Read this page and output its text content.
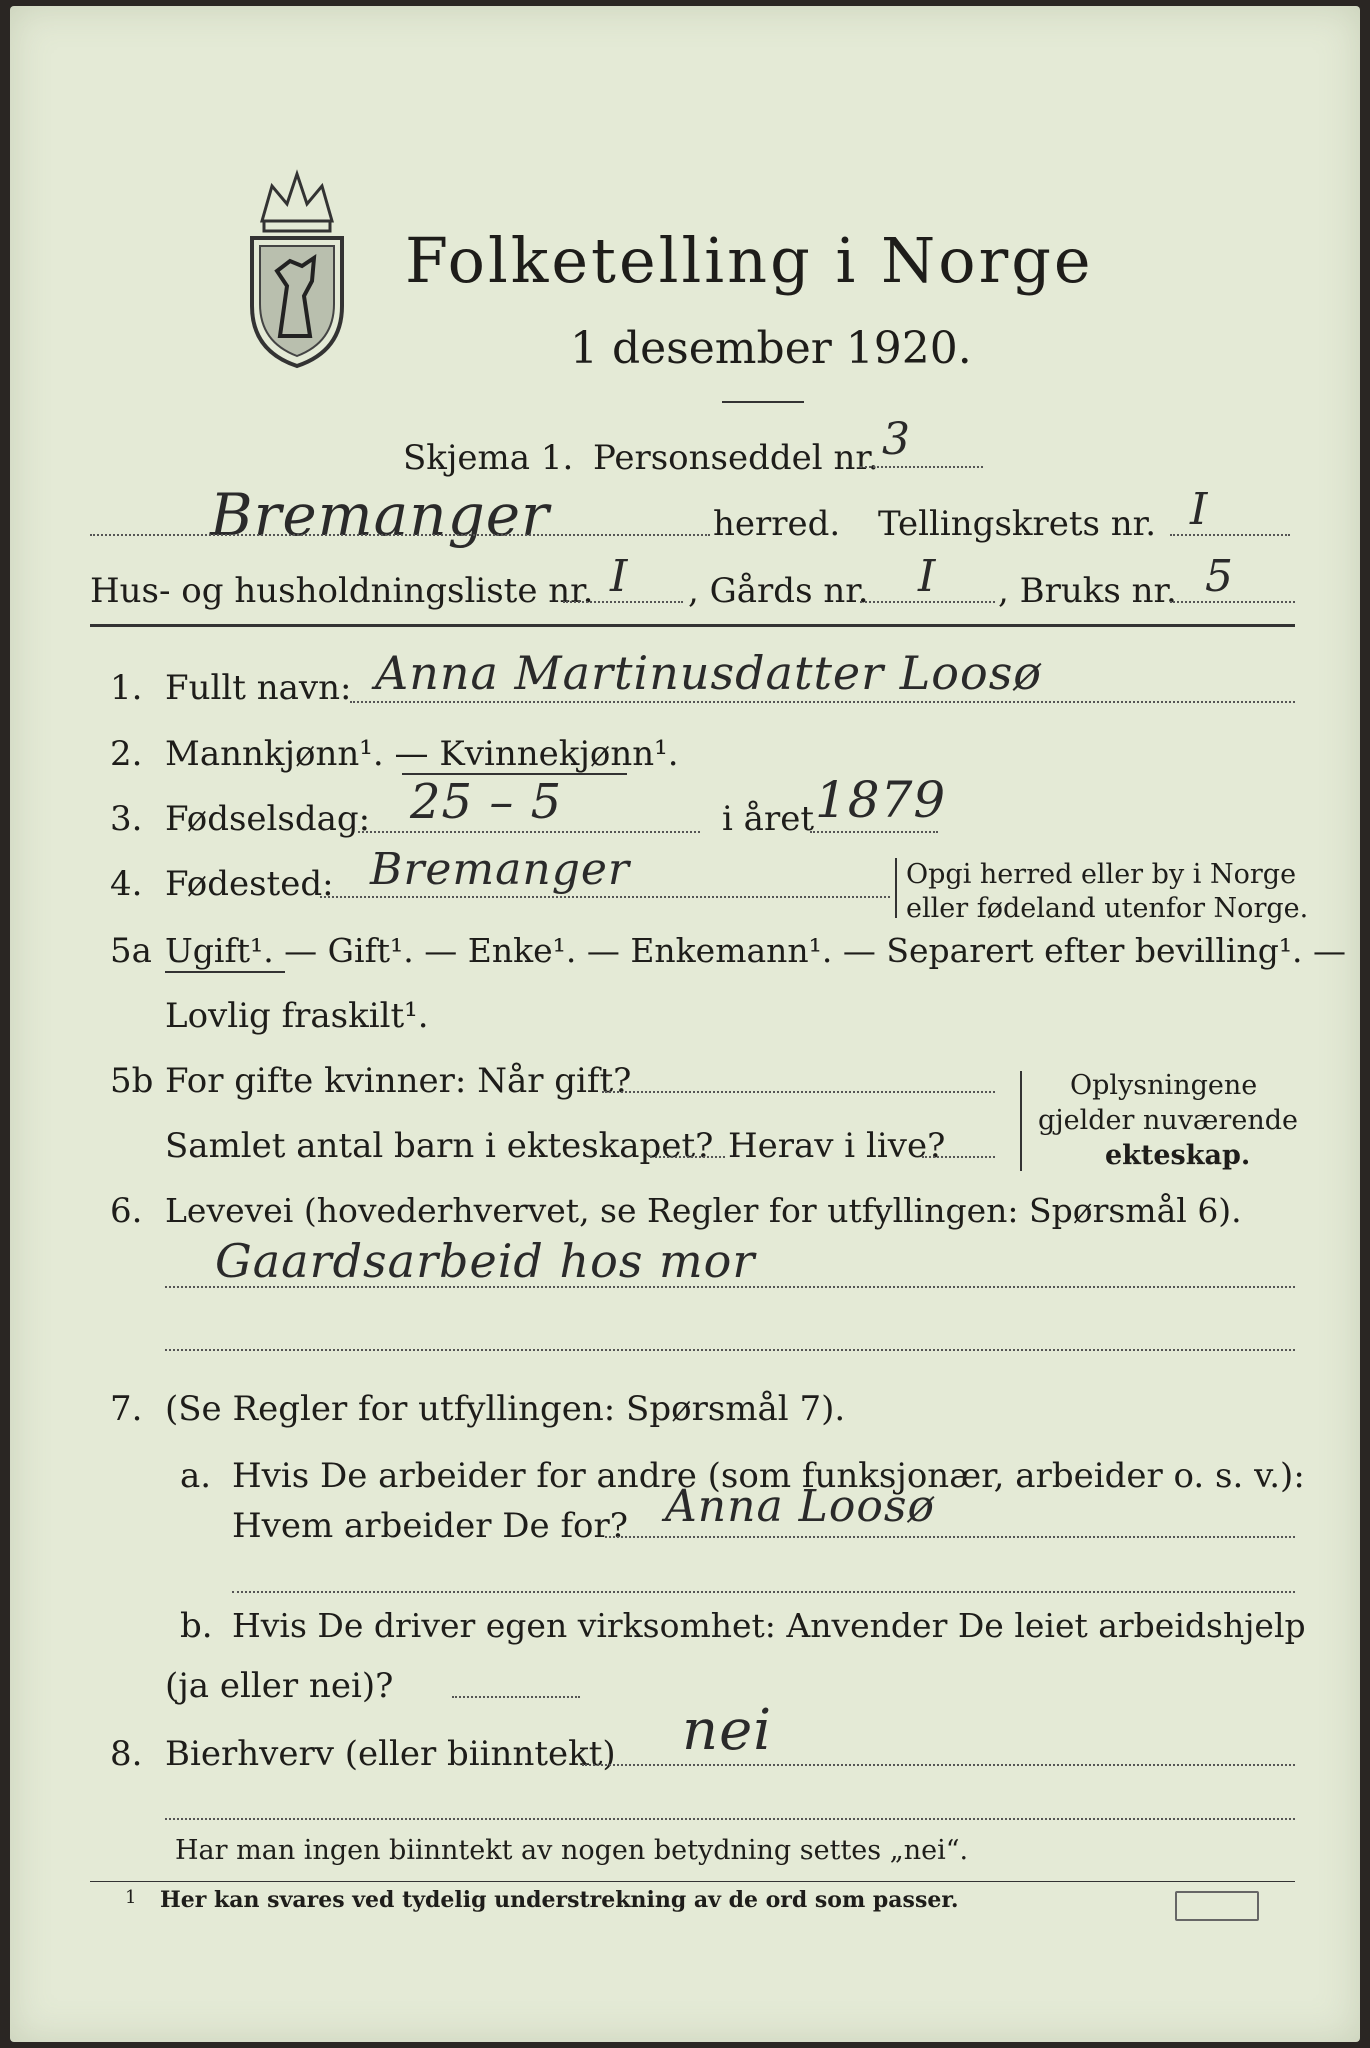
Folketelling i Norge
1 desember 1920.
Skjema 1. Personseddel nr. 3
Bremanger	herred. Tellingskrets nr. I
Hus- og husholdningsliste nr. I , Gårds nr. I , Bruks nr. 5
1. Fullt navn: Anna Martinusdatter Loosø
2. Mannkjønn¹. — Kvinnekjønn¹.
3. Fødselsdag: 25 – 5	i året 1879
4. Fødested: Bremanger	Opgi herred eller by i Norge
eller fødeland utenfor Norge.
5a Ugift¹. — Gift¹. — Enke¹. — Enkemann¹. — Separert efter bevilling¹. —
Lovlig fraskilt¹.
5b For gifte kvinner: Når gift?
Samlet antal barn i ekteskapet? Herav i live?
Oplysningene
gjelder nuværende
ekteskap.
6. Levevei (hovederhvervet, se Regler for utfyllingen: Spørsmål 6).
Gaardsarbeid hos mor
7. (Se Regler for utfyllingen: Spørsmål 7).
a. Hvis De arbeider for andre (som funksjonær, arbeider o. s. v.):
Hvem arbeider De for? Anna Loosø
b. Hvis De driver egen virksomhet: Anvender De leiet arbeidshjelp
(ja eller nei)?
8. Bierhverv (eller biinntekt) nei
Har man ingen biinntekt av nogen betydning settes „nei“.
1 Her kan svares ved tydelig understrekning av de ord som passer.
